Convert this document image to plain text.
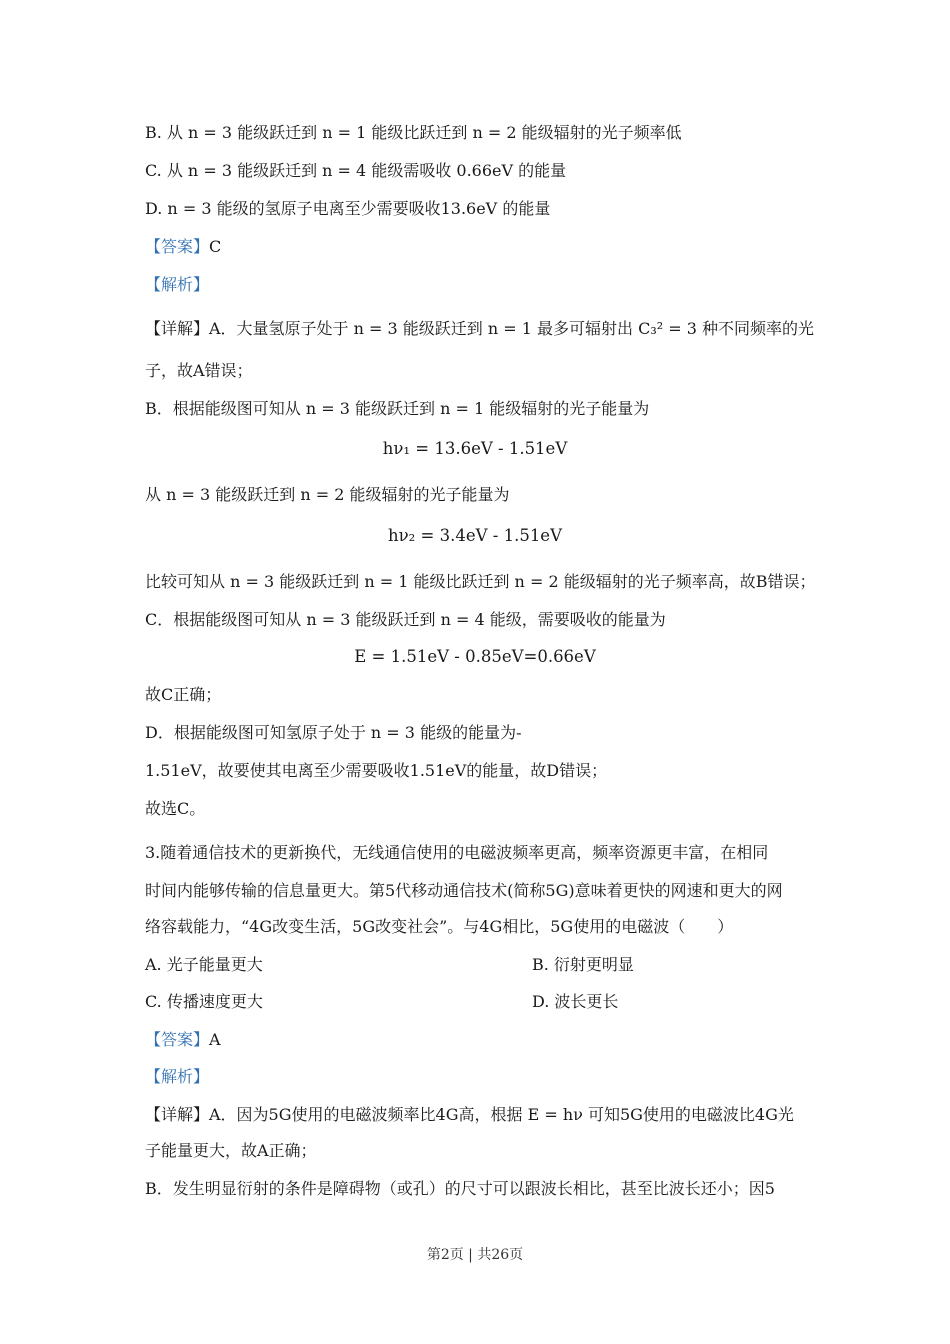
B. 从 n = 3 能级跃迁到 n = 1 能级比跃迁到 n = 2 能级辐射的光子频率低
C. 从 n = 3 能级跃迁到 n = 4 能级需吸收 0.66eV 的能量
D. n = 3 能级的氢原子电离至少需要吸收13.6eV 的能量
【答案】C
【解析】
【详解】A．大量氢原子处于 n = 3 能级跃迁到 n = 1 最多可辐射出 C₃² = 3 种不同频率的光
子，故A错误；
B．根据能级图可知从 n = 3 能级跃迁到 n = 1 能级辐射的光子能量为
hν₁ = 13.6eV - 1.51eV
从 n = 3 能级跃迁到 n = 2 能级辐射的光子能量为
hν₂ = 3.4eV - 1.51eV
比较可知从 n = 3 能级跃迁到 n = 1 能级比跃迁到 n = 2 能级辐射的光子频率高，故B错误；
C．根据能级图可知从 n = 3 能级跃迁到 n = 4 能级，需要吸收的能量为
E = 1.51eV - 0.85eV=0.66eV
故C正确；
D．根据能级图可知氢原子处于 n = 3 能级的能量为-
1.51eV，故要使其电离至少需要吸收1.51eV的能量，故D错误；
故选C。
3.随着通信技术的更新换代，无线通信使用的电磁波频率更高，频率资源更丰富，在相同
时间内能够传输的信息量更大。第5代移动通信技术(简称5G)意味着更快的网速和更大的网
络容载能力，“4G改变生活，5G改变社会”。与4G相比，5G使用的电磁波（　　）
A. 光子能量更大	B. 衍射更明显
C. 传播速度更大	D. 波长更长
【答案】A
【解析】
【详解】A．因为5G使用的电磁波频率比4G高，根据 E = hν 可知5G使用的电磁波比4G光
子能量更大，故A正确；
B．发生明显衍射的条件是障碍物（或孔）的尺寸可以跟波长相比，甚至比波长还小；因5
第2页 | 共26页
